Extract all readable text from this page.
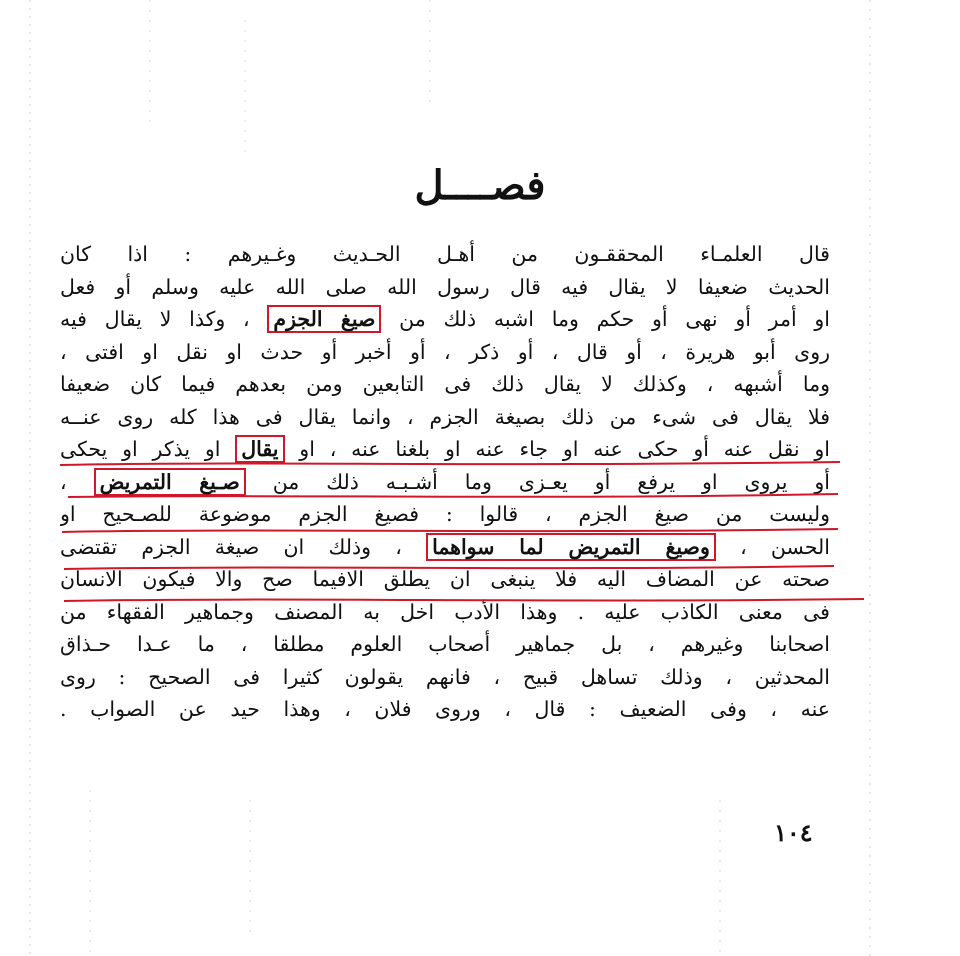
فصــــل
قال العلمـاء المحققـون من أهـل الحـديث وغـيرهم : اذا كان
الحديث ضعيفا لا يقال فيه قال رسول الله صلى الله عليه وسلم أو فعل
او أمر أو نهى أو حكم وما اشبه ذلك من صيغ الجزم ، وكذا لا يقال فيه
روى أبو هريرة ، أو قال ، أو ذكر ، أو أخبر أو حدث او نقل او افتى ،
وما أشبهه ، وكذلك لا يقال ذلك فى التابعين ومن بعدهم فيما كان ضعيفا
فلا يقال فى شىء من ذلك بصيغة الجزم ، وانما يقال فى هذا كله روى عنــه
او نقل عنه أو حكى عنه او جاء عنه او بلغنا عنه ، او يقال او يذكر او يحكى
أو يروى او يرفع أو يعـزى وما أشـبـه ذلك من صـيغ التمريض ،
وليست من صيغ الجزم ، قالوا : فصيغ الجزم موضوعة للصـحيح او
الحسن ، وصيغ التمريض لما سواهما ، وذلك ان صيغة الجزم تقتضى
صحته عن المضاف اليه فلا ينبغى ان يطلق الافيما صح والا فيكون الانسان
فى معنى الكاذب عليه . وهذا الأدب اخل به المصنف وجماهير الفقهاء من
اصحابنا وغيرهم ، بل جماهير أصحاب العلوم مطلقا ، ما عـدا حـذاق
المحدثين ، وذلك تساهل قبيح ، فانهم يقولون كثيرا فى الصحيح : روى
عنه ، وفى الضعيف : قال ، وروى فلان ، وهذا حيد عن الصواب .
١٠٤
